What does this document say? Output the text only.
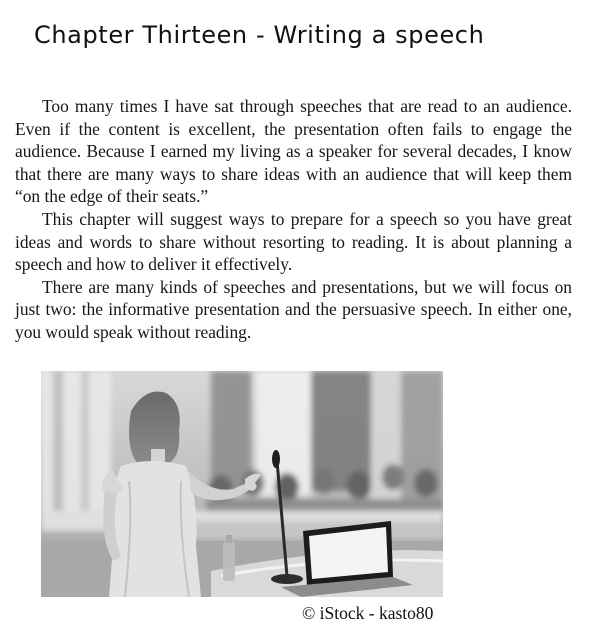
Chapter Thirteen - Writing a speech

Too many times I have sat through speeches that are read to an audience. Even if the content is excellent, the presentation often fails to engage the audience. Because I earned my living as a speaker for several decades, I know that there are many ways to share ideas with an audience that will keep them “on the edge of their seats.”

This chapter will suggest ways to prepare for a speech so you have great ideas and words to share without resorting to reading. It is about planning a speech and how to deliver it effectively.

There are many kinds of speeches and presentations, but we will focus on just two: the informative presentation and the persuasive speech. In either one, you would speak without reading.

© iStock - kasto80
